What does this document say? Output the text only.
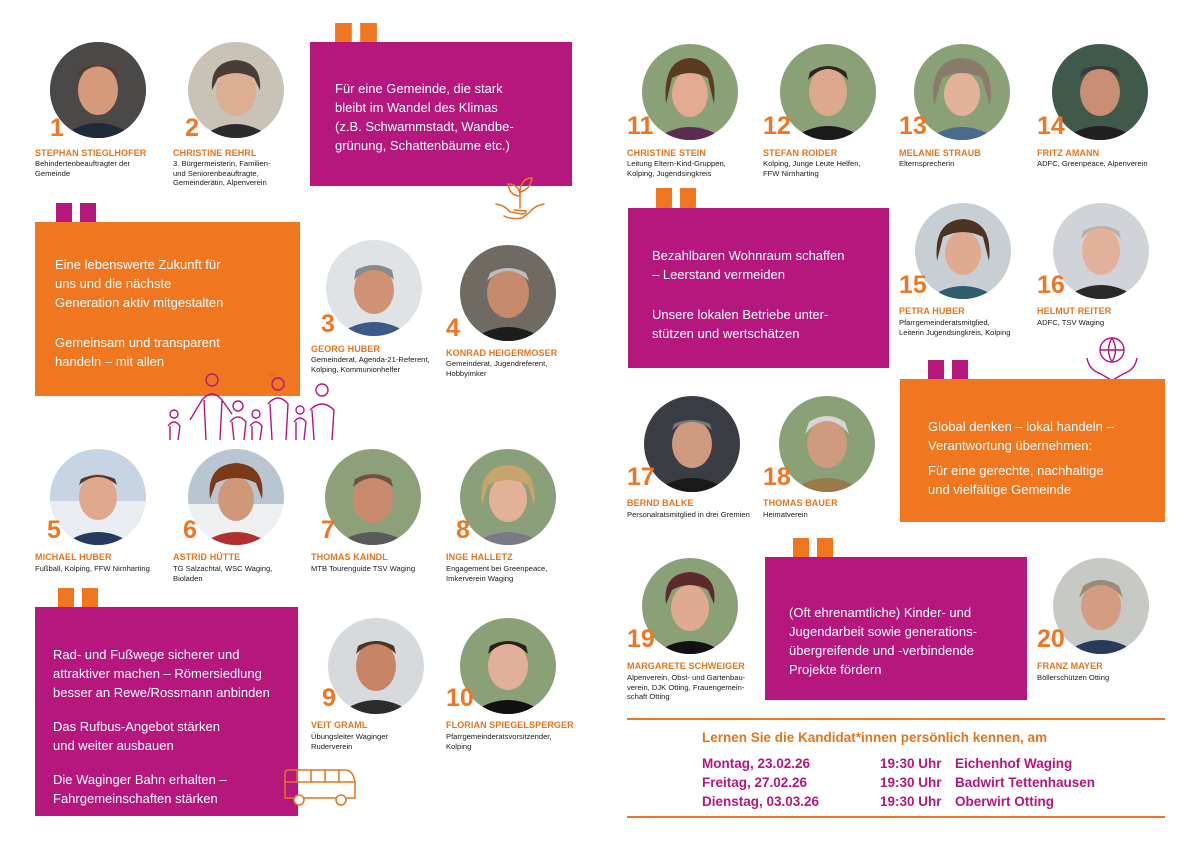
1
STEPHAN STIEGLHOFER
Behindertenbeauftragter der
Gemeinde
2
CHRISTINE REHRL
3. Bürgermeisterin, Familien-
und Seniorenbeauftragte,
Gemeinderätin, Alpenverein

Für eine Gemeinde, die stark
bleibt im Wandel des Klimas
(z.B. Schwammstadt, Wandbe-
grünung, Schattenbäume etc.)

Eine lebenswerte Zukunft für
uns und die nächste
Generation aktiv mitgestalten

Gemeinsam und transparent
handeln – mit allen

3
GEORG HUBER
Gemeinderat, Agenda-21-Referent,
Kolping, Kommunionhelfer
4
KONRAD HEIGERMOSER
Gemeinderat, Jugendreferent,
Hobbyimker
5
MICHAEL HUBER
Fußball, Kolping, FFW Nirnharting
6
ASTRID HÜTTE
TG Salzachtal, WSC Waging,
Bioladen
7
THOMAS KAINDL
MTB Tourenguide TSV Waging
8
INGE HALLETZ
Engagement bei Greenpeace,
Imkerverein Waging

Rad- und Fußwege sicherer und
attraktiver machen – Römersiedlung
besser an Rewe/Rossmann anbinden

Das Rufbus-Angebot stärken
und weiter ausbauen

Die Waginger Bahn erhalten –
Fahrgemeinschaften stärken

9
VEIT GRAML
Übungsleiter Waginger
Ruderverein
10
FLORIAN SPIEGELSPERGER
Pfarrgemeinderatsvorsitzender,
Kolping
11
CHRISTINE STEIN
Leitung Eltern-Kind-Gruppen,
Kolping, Jugendsingkreis
12
STEFAN ROIDER
Kolping, Junge Leute Helfen,
FFW Nirnharting
13
MELANIE STRAUB
Elternsprecherin
14
FRITZ AMANN
ADFC, Greenpeace, Alpenverein

Bezahlbaren Wohnraum schaffen
– Leerstand vermeiden

Unsere lokalen Betriebe unter-
stützen und wertschätzen

15
PETRA HUBER
Pfarrgemeinderatsmitglied,
Leiterin Jugendsingkreis, Kolping
16
HELMUT REITER
ADFC, TSV Waging

Global denken – lokal handeln –
Verantwortung übernehmen:

Für eine gerechte, nachhaltige
und vielfältige Gemeinde

17
BERND BALKE
Personalratsmitglied in drei Gremien
18
THOMAS BAUER
Heimatverein

(Oft ehrenamtliche) Kinder- und
Jugendarbeit sowie generations-
übergreifende und -verbindende
Projekte fördern

19
MARGARETE SCHWEIGER
Alpenverein, Obst- und Gartenbau-
verein, DJK Otting, Frauengemein-
schaft Otting
20
FRANZ MAYER
Böllerschützen Otting
Lernen Sie die Kandidat*innen persönlich kennen, am
Montag, 23.02.26	19:30 Uhr Eichenhof Waging
Freitag, 27.02.26	19:30 Uhr Badwirt Tettenhausen
Dienstag, 03.03.26	19:30 Uhr Oberwirt Otting
